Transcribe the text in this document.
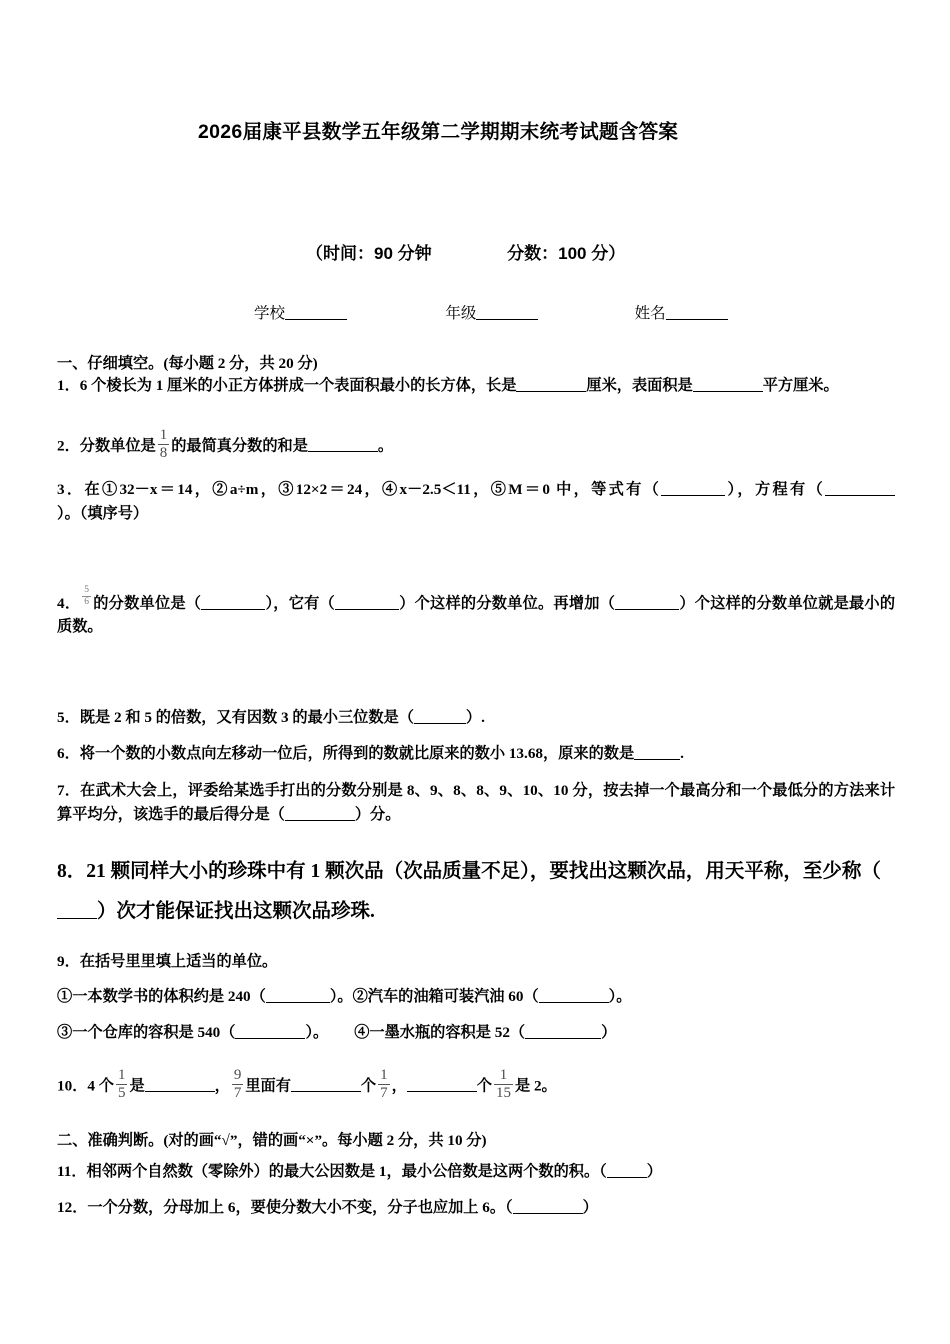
2026届康平县数学五年级第二学期期末统考试题含答案
（时间：90 分钟	分数：100 分）
学校	年级	姓名
一、仔细填空。(每小题 2 分，共 20 分)
1．6 个棱长为 1 厘米的小正方体拼成一个表面积最小的长方体，长是	厘米，表面积是	平方厘米。
2．分数单位是 $\frac{1}{8}$ 的最简真分数的和是	。
3．在①32－x＝14，②a÷m，③12×2＝24，④x－2.5＜11，⑤M＝0 中，等式有（	），方程有（）。（填序号）
4． $\frac{5}{6}$ 的分数单位是（	），它有（	）个这样的分数单位。再增加（	）个这样的分数单位就是最小的质数。
5．既是 2 和 5 的倍数，又有因数 3 的最小三位数是（	）.
6．将一个数的小数点向左移动一位后，所得到的数就比原来的数小 13.68，原来的数是	.
7．在武术大会上，评委给某选手打出的分数分别是 8、9、8、8、9、10、10 分，按去掉一个最高分和一个最低分的方法来计算平均分，该选手的最后得分是（	）分。
8．21 颗同样大小的珍珠中有 1 颗次品（次品质量不足），要找出这颗次品，用天平称，至少称（）次才能保证找出这颗次品珍珠.
9．在括号里里填上适当的单位。
①一本数学书的体积约是 240（	）。②汽车的油箱可装汽油 60（	）。
③一个仓库的容积是 540（	）。 ④一墨水瓶的容积是 52（	）
10．4 个 $\frac{1}{5}$ 是	， $\frac{9}{7}$ 里面有	个 $\frac{1}{7}$ ，	个 $\frac{1}{15}$ 是 2。
二、准确判断。(对的画“√”，错的画“×”。每小题 2 分，共 10 分)
11．相邻两个自然数（零除外）的最大公因数是 1，最小公倍数是这两个数的积。（	）
12．一个分数，分母加上 6，要使分数大小不变，分子也应加上 6。（	）
